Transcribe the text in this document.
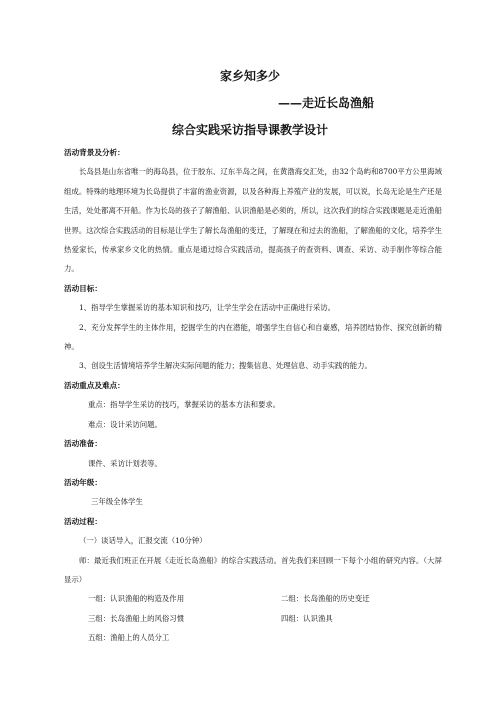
家乡知多少
——走近长岛渔船
综合实践采访指导课教学设计
活动背景及分析：
长岛县是山东省唯一的海岛县，位于胶东、辽东半岛之间，在黄渤海交汇处，由32个岛屿和8700平方公里海域组成。特殊的地理环境为长岛提供了丰富的渔业资源，以及各种海上养殖产业的发展，可以说，长岛无论是生产还是生活，处处都离不开船。作为长岛的孩子了解渔船、认识渔船是必须的，所以，这次我们的综合实践课题是走近渔船世界。这次综合实践活动的目标是让学生了解长岛渔船的变迁，了解现在和过去的渔船，了解渔船的文化，培养学生热爱家长，传承家乡文化的热情。重点是通过综合实践活动，提高孩子的查资料、调查、采访、动手制作等综合能力。
活动目标：
1、指导学生掌握采访的基本知识和技巧，让学生学会在活动中正确进行采访。
2、充分发挥学生的主体作用，挖掘学生的内在潜能，增强学生自信心和自豪感，培养团结协作、探究创新的精神。
3、创设生活情境培养学生解决实际问题的能力；搜集信息、处理信息、动手实践的能力。
活动重点及难点：
重点：指导学生采访的技巧，掌握采访的基本方法和要求。
难点：设计采访问题。
活动准备：
课件、采访计划表等。
活动年级：
三年级全体学生
活动过程：
（一）谈话导入，汇报交流（10分钟）
师：最近我们班正在开展《走近长岛渔船》的综合实践活动。首先我们来回顾一下每个小组的研究内容。（大屏显示）
一组：认识渔船的构造及作用	二组：长岛渔船的历史变迁
三组：长岛渔船上的风俗习惯	四组：认识渔具
五组：渔船上的人员分工
